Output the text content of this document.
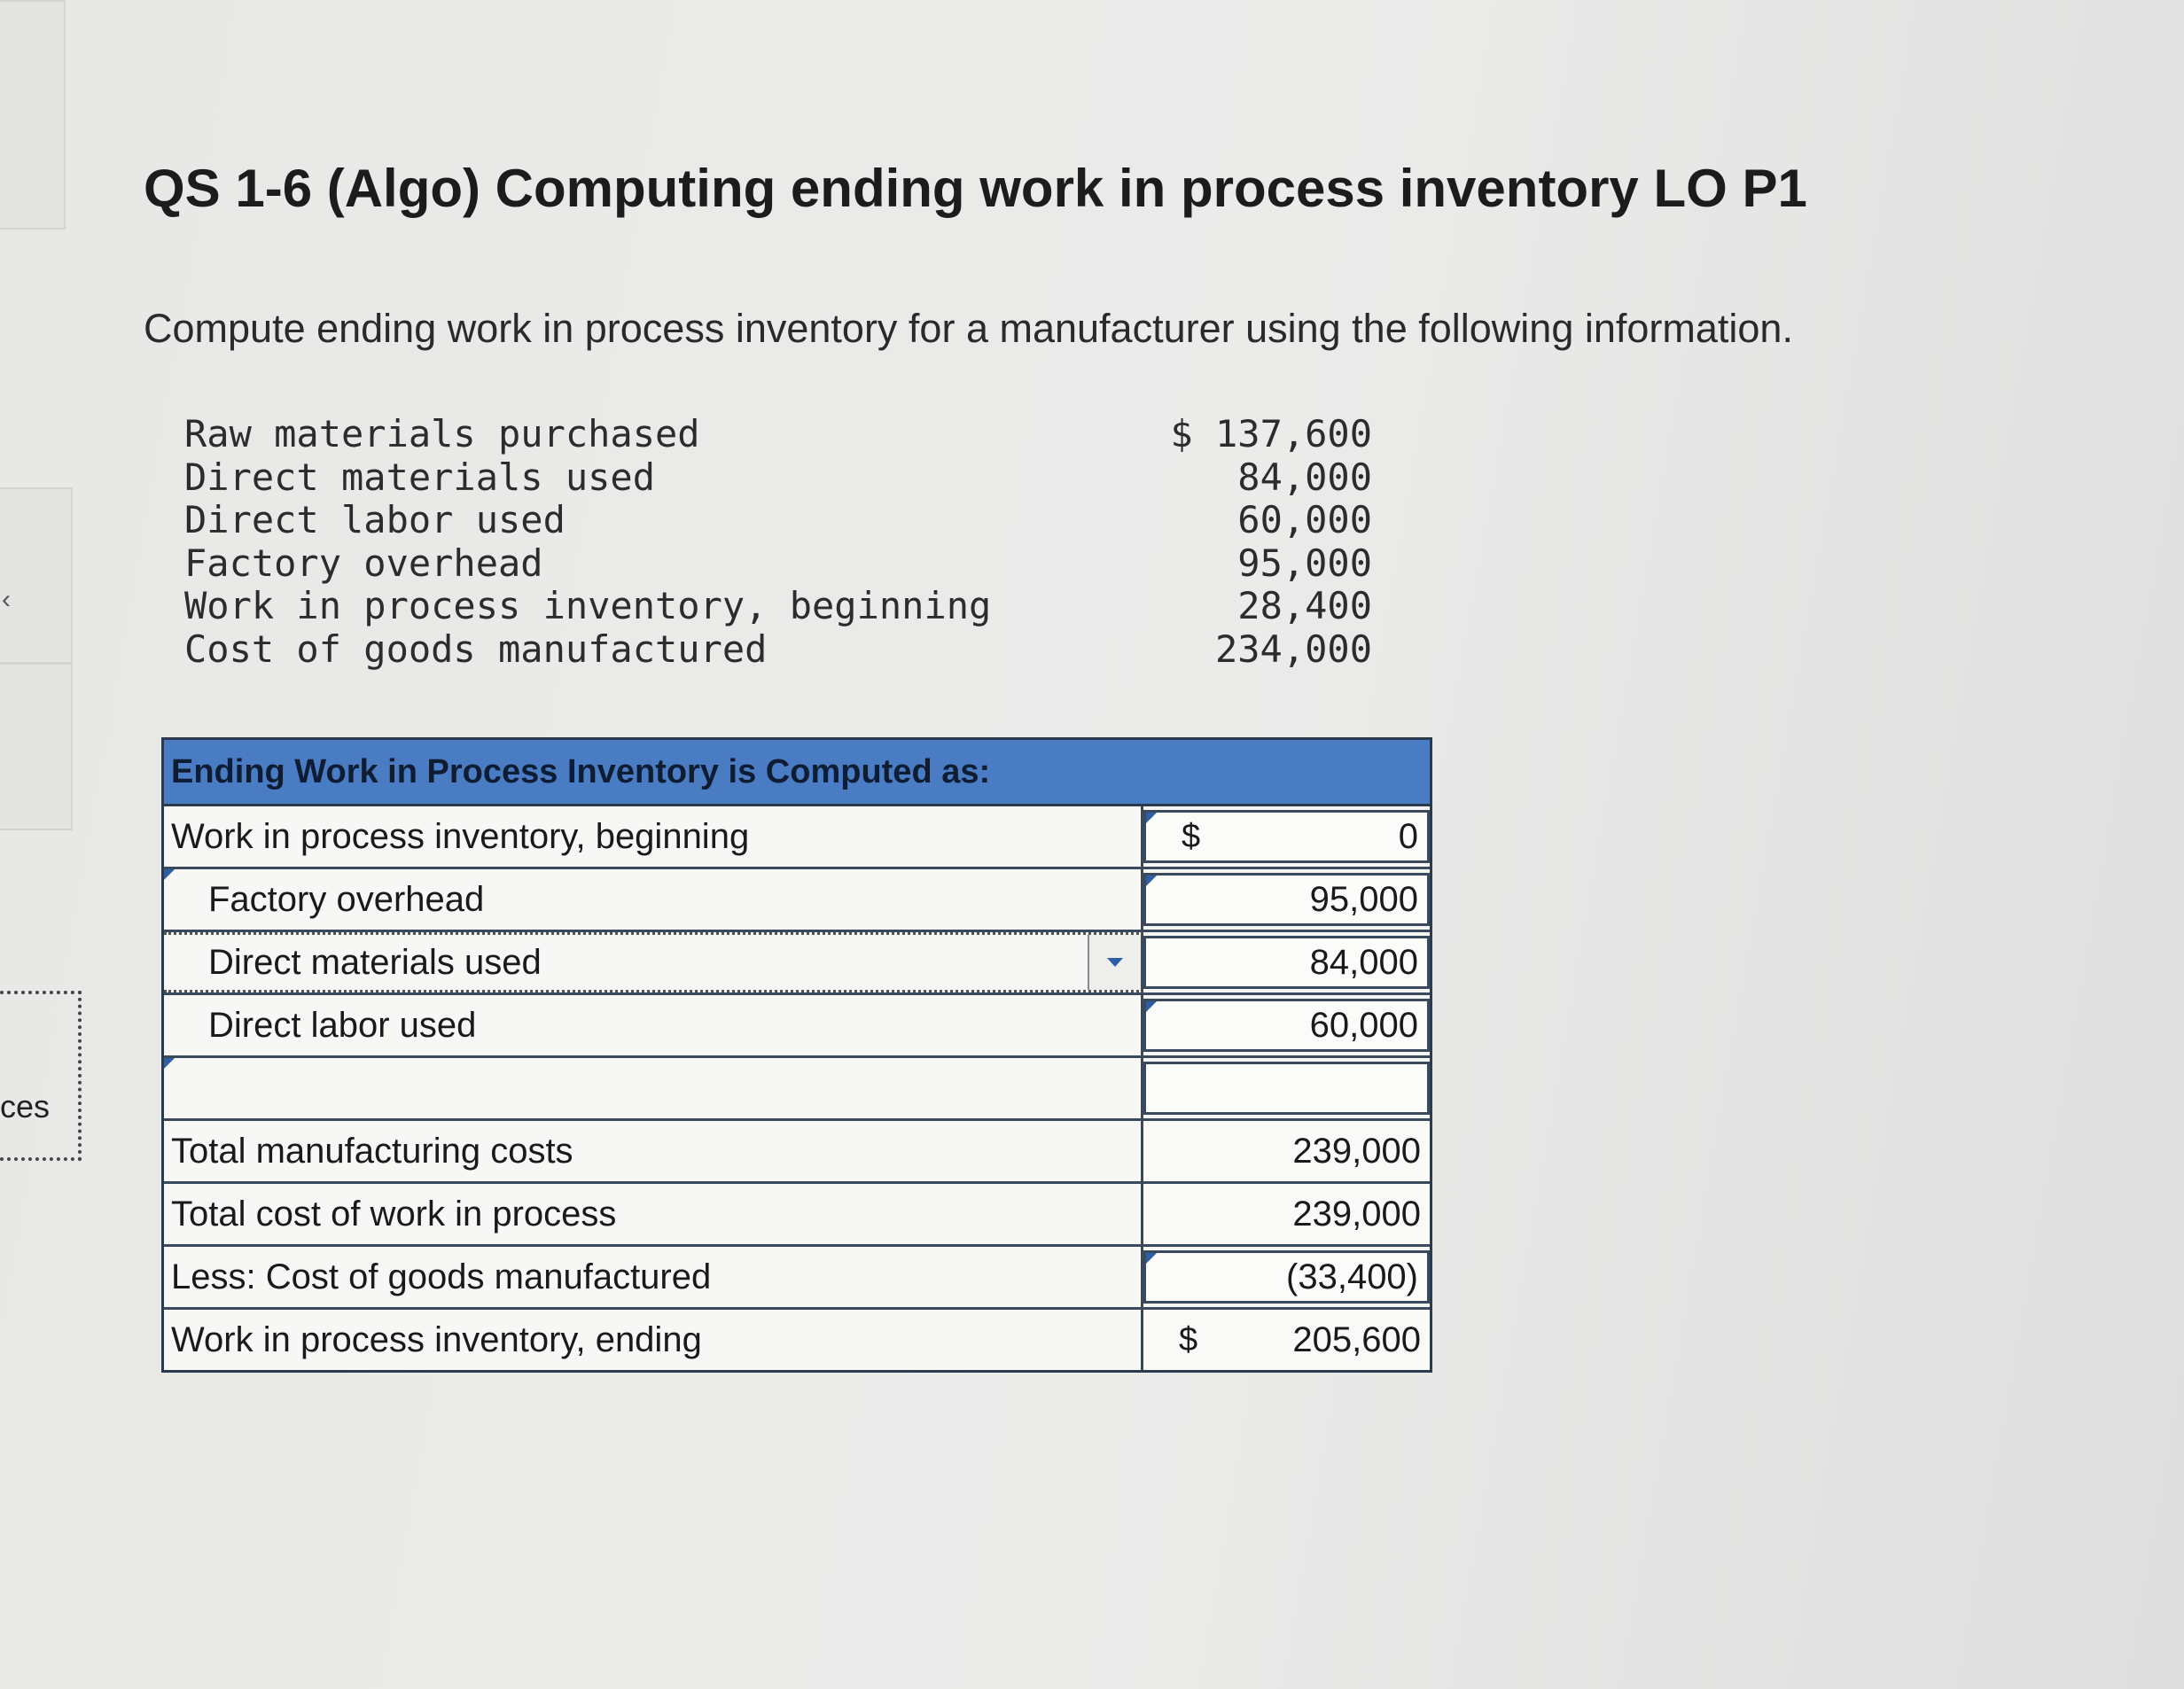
‹
ces
QS 1-6 (Algo) Computing ending work in process inventory LO P1
Compute ending work in process inventory for a manufacturer using the following information.
Raw materials purchased	$ 137,600
Direct materials used	84,000
Direct labor used	60,000
Factory overhead	95,000
Work in process inventory, beginning	28,400
Cost of goods manufactured	234,000
Ending Work in Process Inventory is Computed as:
Work in process inventory, beginning	$	0
Factory overhead	95,000
Direct materials used	84,000
Direct labor used	60,000
Total manufacturing costs	239,000
Total cost of work in process	239,000
Less: Cost of goods manufactured	(33,400)
Work in process inventory, ending	$	205,600
